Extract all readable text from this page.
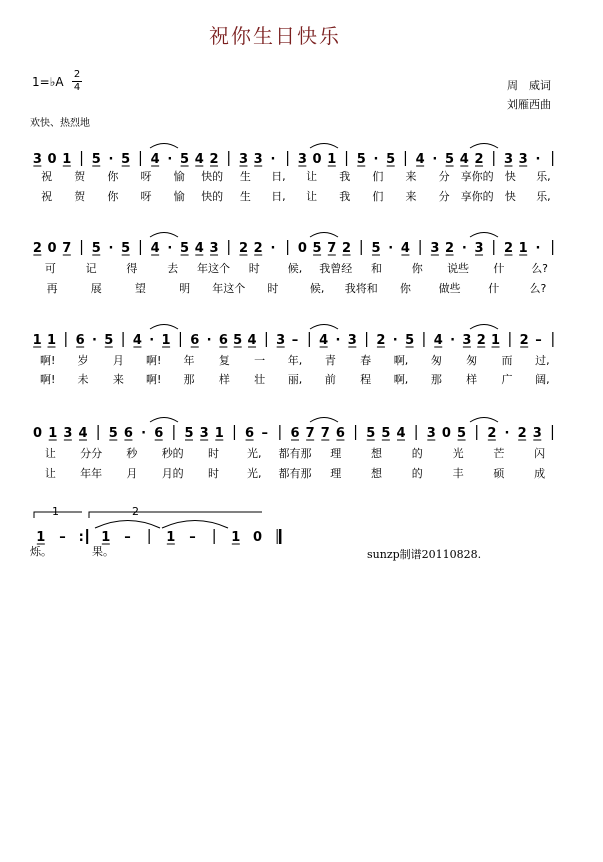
祝你生日快乐
1=♭A
2
4	周　威词
刘雁西曲
欢快、热烈地
sunzp制谱20110828.
3 0 1 5 · 5 4 · 5 4 2 3 3 · 3 0 1 5 · 5 4 · 5 4 2 3 3 ·
祝 贺 你 呀 愉 快的 生 日, 让 我 们 来 分 享你的 快 乐,
祝 贺 你 呀 愉 快的 生 日, 让 我 们 来 分 享你的 快 乐,
2 0 7 5 · 5 4 · 5 4 3 2 2 · 0 5 7 2 5 · 4 3 2 · 3 2 1 ·
可	记	得	去 年这个 时	候, 我曾经 和	你 说些 什 么?
再	展	望	明 年这个 时	候, 我将和 你	做些	什	么?
1 1 6 · 5 4 · 1 6 · 6 5 4 3 – 4 · 3 2 · 5 4 · 3 2 1 2 –
啊! 岁 月 啊! 年 复 一 年, 青 春 啊, 匆 匆 而 过,
啊! 未 来 啊! 那 样 壮 丽, 前 程 啊, 那 样 广 阔,
0 1 3 4 5 6 · 6 5 3 1 6 – 6 7 7 6 5 5 4 3 0 5 2 · 2 3
让 分分 秒 秒的 时	光, 都有那 理	想	的	光	芒	闪
让 年年 月 月的 时	光, 都有那 理	想	的	丰	硕	成
1 – : 1 –	1 –	1 0
烁。	果。
1	2
